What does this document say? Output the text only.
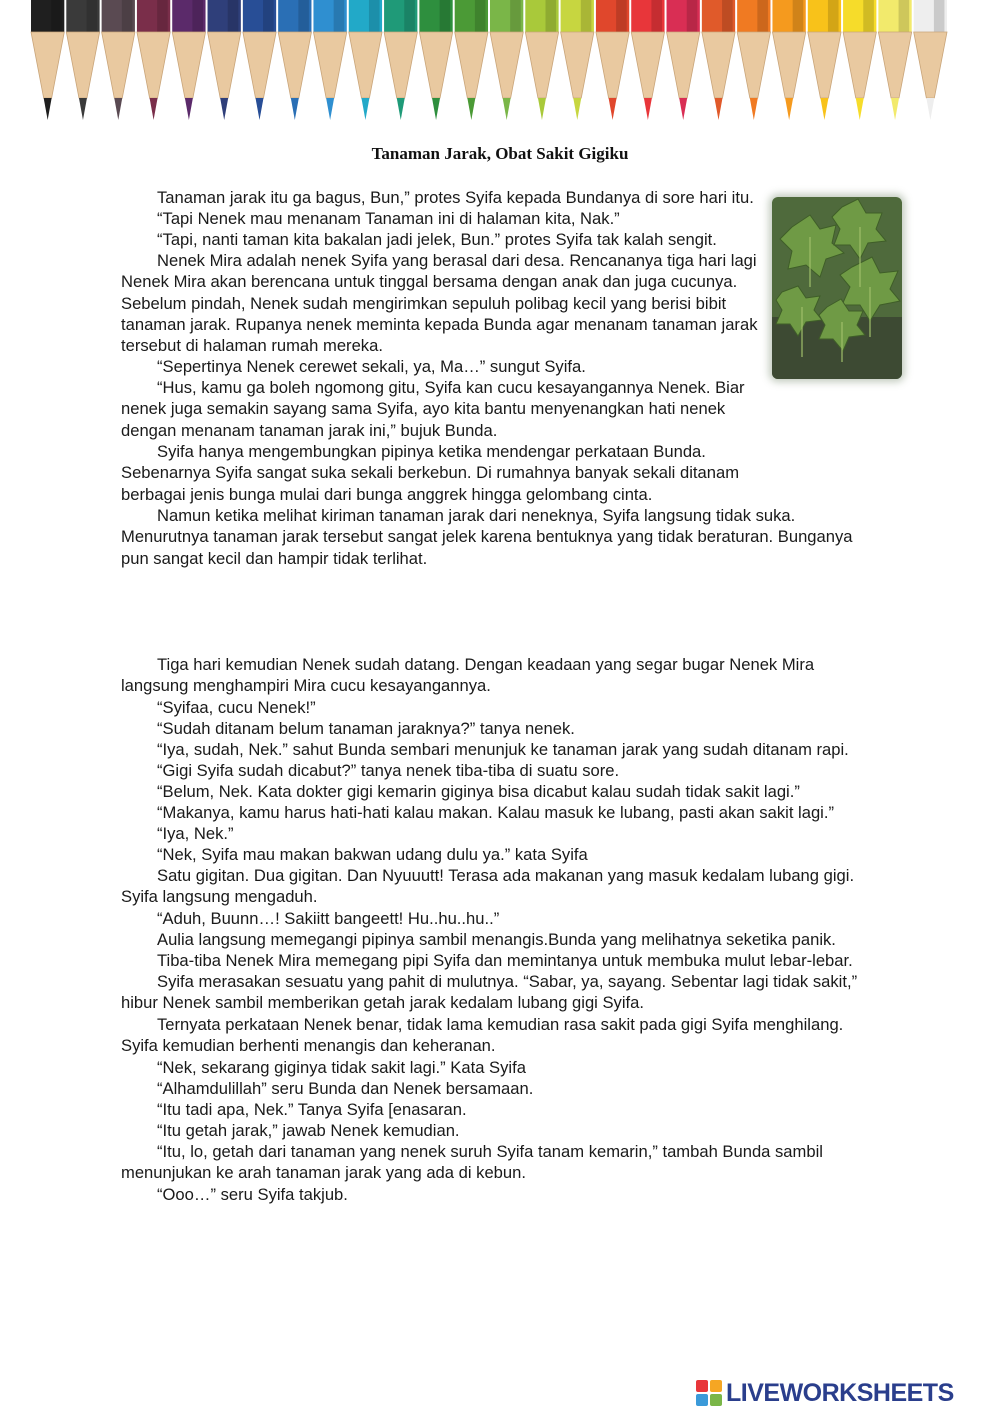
Tanaman Jarak, Obat Sakit Gigiku

Tanaman jarak itu ga bagus, Bun,” protes Syifa kepada Bundanya di sore hari itu.

“Tapi Nenek mau menanam Tanaman ini di halaman kita, Nak.”

“Tapi, nanti taman kita bakalan jadi jelek, Bun.” protes Syifa tak kalah sengit.

Nenek Mira adalah nenek Syifa yang berasal dari desa. Rencananya tiga hari lagi Nenek Mira akan berencana untuk tinggal bersama dengan anak dan juga cucunya. Sebelum pindah, Nenek sudah mengirimkan sepuluh polibag kecil yang berisi bibit tanaman jarak. Rupanya nenek meminta kepada Bunda agar menanam tanaman jarak tersebut di halaman rumah mereka.

“Sepertinya Nenek cerewet sekali, ya, Ma…” sungut Syifa.

“Hus, kamu ga boleh ngomong gitu, Syifa kan cucu kesayangannya Nenek. Biar nenek juga semakin sayang sama Syifa, ayo kita bantu menyenangkan hati nenek dengan menanam tanaman jarak ini,” bujuk Bunda.

Syifa hanya mengembungkan pipinya ketika mendengar perkataan Bunda. Sebenarnya Syifa sangat suka sekali berkebun. Di rumahnya banyak sekali ditanam berbagai jenis bunga mulai dari bunga anggrek hingga gelombang cinta.

Namun ketika melihat kiriman tanaman jarak dari neneknya, Syifa langsung tidak suka. Menurutnya tanaman jarak tersebut sangat jelek karena bentuknya yang tidak beraturan. Bunganya pun sangat kecil dan hampir tidak terlihat.

Tiga hari kemudian Nenek sudah datang. Dengan keadaan yang segar bugar Nenek Mira langsung menghampiri Mira cucu kesayangannya.

“Syifaa, cucu Nenek!”

“Sudah ditanam belum tanaman jaraknya?” tanya nenek.

“Iya, sudah, Nek.” sahut Bunda sembari menunjuk ke tanaman jarak yang sudah ditanam rapi.

“Gigi Syifa sudah dicabut?” tanya nenek tiba-tiba di suatu sore.

“Belum, Nek. Kata dokter gigi kemarin giginya bisa dicabut kalau sudah tidak sakit lagi.”

“Makanya, kamu harus hati-hati kalau makan. Kalau masuk ke lubang, pasti akan sakit lagi.”

“Iya, Nek.”

“Nek, Syifa mau makan bakwan udang dulu ya.” kata Syifa

Satu gigitan. Dua gigitan. Dan Nyuuutt! Terasa ada makanan yang masuk kedalam lubang gigi. Syifa langsung mengaduh.

“Aduh, Buunn…! Sakiitt bangeett! Hu..hu..hu..”

Aulia langsung memegangi pipinya sambil menangis.Bunda yang melihatnya seketika panik.

Tiba-tiba Nenek Mira memegang pipi Syifa dan memintanya untuk membuka mulut lebar-lebar.

Syifa merasakan sesuatu yang pahit di mulutnya. “Sabar, ya, sayang. Sebentar lagi tidak sakit,” hibur Nenek sambil memberikan getah jarak kedalam lubang gigi Syifa.

Ternyata perkataan Nenek benar, tidak lama kemudian rasa sakit pada gigi Syifa menghilang. Syifa kemudian berhenti menangis dan keheranan.

“Nek, sekarang giginya tidak sakit lagi.” Kata Syifa

“Alhamdulillah” seru Bunda dan Nenek bersamaan.

“Itu tadi apa, Nek.” Tanya Syifa [enasaran.

“Itu getah jarak,” jawab Nenek kemudian.

“Itu, lo, getah dari tanaman yang nenek suruh Syifa tanam kemarin,” tambah Bunda sambil menunjukan ke arah tanaman jarak yang ada di kebun.

“Ooo…” seru Syifa takjub.

LIVEWORKSHEETS
